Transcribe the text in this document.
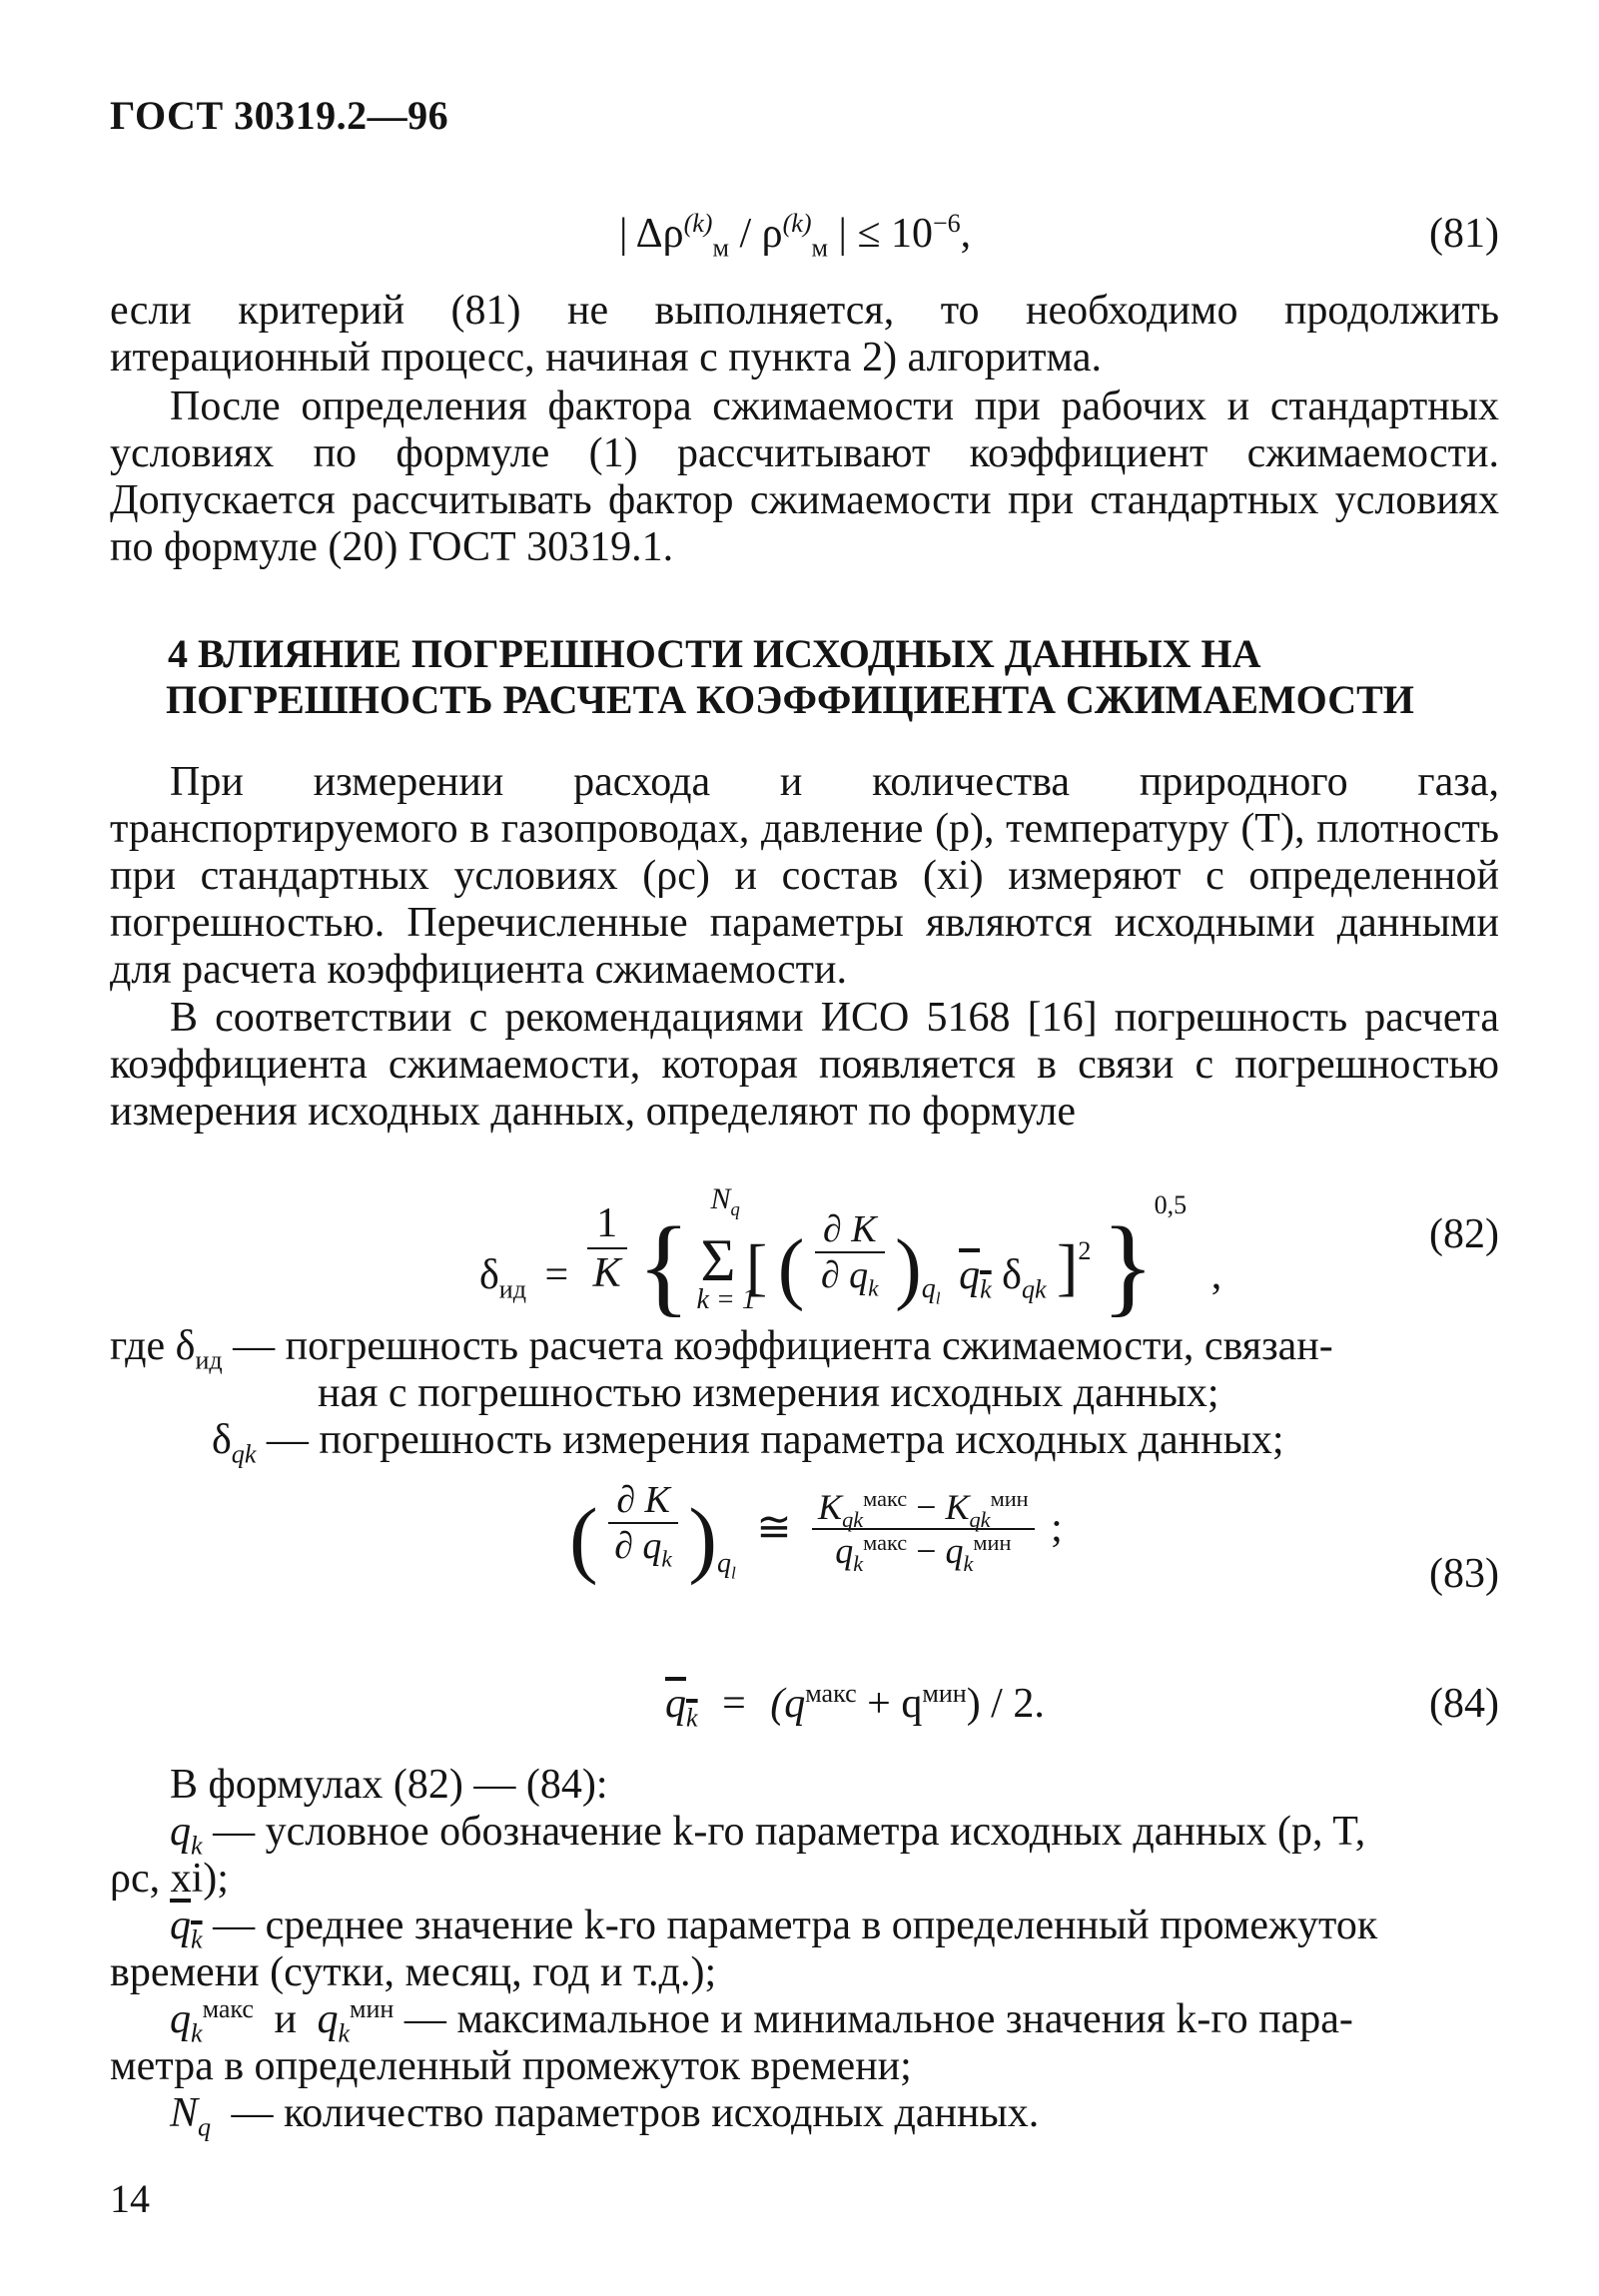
ГОСТ 30319.2—96
| $\Delta\rho^{(k)}_м / \rho^{(k)}_м$ | ≤ $10^{-6}$,	(81)

если критерий (81) не выполняется, то необходимо продолжить итерационный процесс, начиная с пункта 2) алгоритма.

После определения фактора сжимаемости при рабочих и стандартных условиях по формуле (1) рассчитывают коэффициент сжимаемости. Допускается рассчитывать фактор сжимаемости при стандартных условиях по формуле (20) ГОСТ 30319.1.

4 ВЛИЯНИЕ ПОГРЕШНОСТИ ИСХОДНЫХ ДАННЫХ НА
ПОГРЕШНОСТЬ РАСЧЕТА КОЭФФИЦИЕНТА СЖИМАЕМОСТИ

При измерении расхода и количества природного газа, транспортируемого в газопроводах, давление (p), температуру (T), плотность при стандартных условиях (ρc) и состав (xi) измеряют с определенной погрешностью. Перечисленные параметры являются исходными данными для расчета коэффициента сжимаемости.

В соответствии с рекомендациями ИСО 5168 [16] погрешность расчета коэффициента сжимаемости, которая появляется в связи с погрешностью измерения исходных данных, определяют по формуле

$\delta_{ид} = \frac{1}{K}$ {
$N_q$
Σ
k = 1
[ ( $\frac{\partial K}{\partial q_k} )_{q_l}$ $q_k$ $\delta_{qk}$ ]$^2$ }$^{0,5}$ ,
(82)
где $\delta_{ид}$ — погрешность расчета коэффициента сжимаемости, связан-
ная с погрешностью измерения исходных данных;
$\delta_{qk}$ — погрешность измерения параметра исходных данных;
( $\frac{\partial K}{\partial q_k} )_{q_l}$ ≅ $\frac{K_{qk}^{макс} - K_{qk}^{мин}}{q_k^{макс} - q_k^{мин}}$ ;
(83)
$q_k = (q^{макс} + q^{мин}) / 2$.	(84)
В формулах (82) — (84):
$q_k$ — условное обозначение k-го параметра исходных данных (p, T,
ρc, xi);
$q_k$ — среднее значение k-го параметра в определенный промежуток
времени (сутки, месяц, год и т.д.);
$q_k^{макс}$ и $q_k^{мин}$ — максимальное и минимальное значения k-го пара-
метра в определенный промежуток времени;
$N_q$ — количество параметров исходных данных.
14
